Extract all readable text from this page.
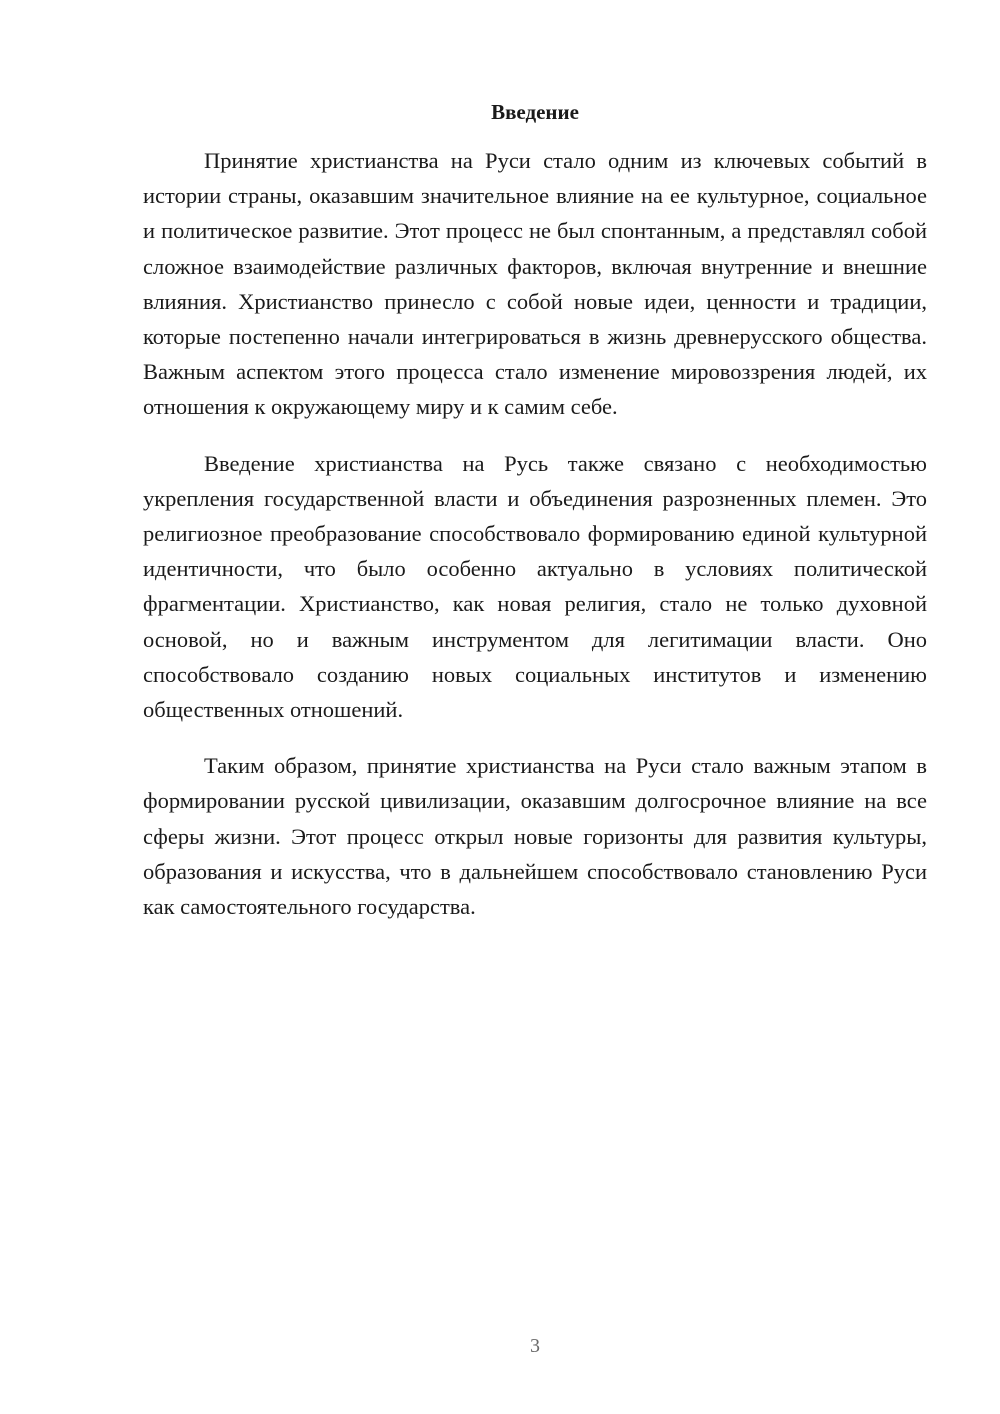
Введение

Принятие христианства на Руси стало одним из ключевых событий в истории страны, оказавшим значительное влияние на ее культурное, социальное и политическое развитие. Этот процесс не был спонтанным, а представлял собой сложное взаимодействие различных факторов, включая внутренние и внешние влияния. Христианство принесло с собой новые идеи, ценности и традиции, которые постепенно начали интегрироваться в жизнь древнерусского общества. Важным аспектом этого процесса стало изменение мировоззрения людей, их отношения к окружающему миру и к самим себе.

Введение христианства на Русь также связано с необходимостью укрепления государственной власти и объединения разрозненных племен. Это религиозное преобразование способствовало формированию единой культурной идентичности, что было особенно актуально в условиях политической фрагментации. Христианство, как новая религия, стало не только духовной основой, но и важным инструментом для легитимации власти. Оно способствовало созданию новых социальных институтов и изменению общественных отношений.

Таким образом, принятие христианства на Руси стало важным этапом в формировании русской цивилизации, оказавшим долгосрочное влияние на все сферы жизни. Этот процесс открыл новые горизонты для развития культуры, образования и искусства, что в дальнейшем способствовало становлению Руси как самостоятельного государства.

3
